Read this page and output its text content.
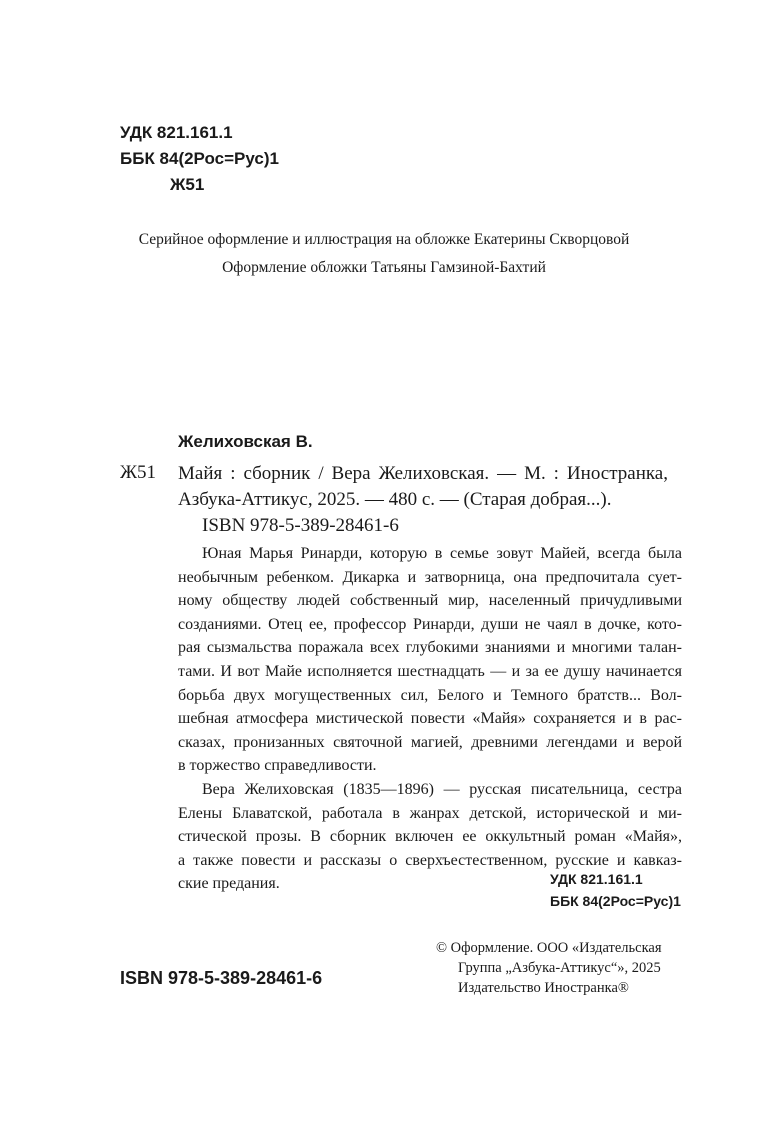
УДК 821.161.1
ББК 84(2Рос=Рус)1
Ж51
Серийное оформление и иллюстрация на обложке Екатерины Скворцовой
Оформление обложки Татьяны Гамзиной-Бахтий
Желиховская В.
Ж51 Майя : сборник / Вера Желиховская. — М. : Иностранка,
Азбука-Аттикус, 2025. — 480 с. — (Старая добрая...).
ISBN 978-5-389-28461-6
Юная Марья Ринарди, которую в семье зовут Майей, всегда была
необычным ребенком. Дикарка и затворница, она предпочитала сует-
ному обществу людей собственный мир, населенный причудливыми
созданиями. Отец ее, профессор Ринарди, души не чаял в дочке, кото-
рая сызмальства поражала всех глубокими знаниями и многими талан-
тами. И вот Майе исполняется шестнадцать — и за ее душу начинается
борьба двух могущественных сил, Белого и Темного братств... Вол-
шебная атмосфера мистической повести «Майя» сохраняется и в рас-
сказах, пронизанных святочной магией, древними легендами и верой
в торжество справедливости.
Вера Желиховская (1835—1896) — русская писательница, сестра
Елены Блаватской, работала в жанрах детской, исторической и ми-
стической прозы. В сборник включен ее оккультный роман «Майя»,
а также повести и рассказы о сверхъестественном, русские и кавказ-
ские предания.	УДК 821.161.1
ББК 84(2Рос=Рус)1
© Оформление. ООО «Издательская
Группа „Азбука-Аттикус“», 2025
Издательство Иностранка®
ISBN 978-5-389-28461-6
